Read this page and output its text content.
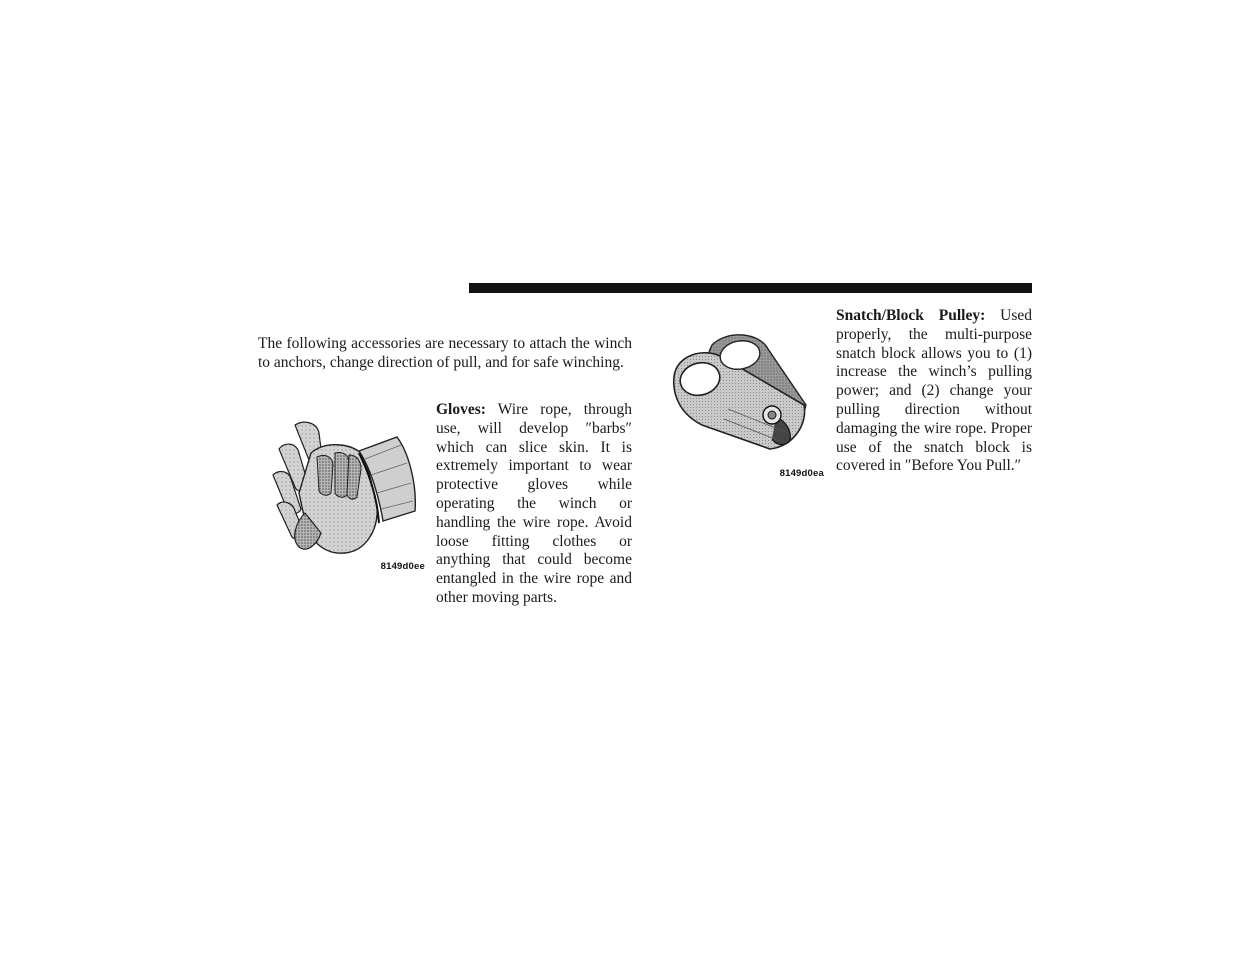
The following accessories are necessary to attach the winch to anchors, change direction of pull, and for safe winching.

8149d0ee

Gloves: Wire rope, through use, will develop ″barbs″ which can slice skin. It is extremely important to wear protective gloves while operating the winch or handling the wire rope. Avoid loose fitting clothes or anything that could become entangled in the wire rope and other moving parts.

8149d0ea

Snatch/Block Pulley: Used properly, the multi-purpose snatch block allows you to (1) increase the winch’s pulling power; and (2) change your pulling direction without damaging the wire rope. Proper use of the snatch block is covered in ″Before You Pull.″
